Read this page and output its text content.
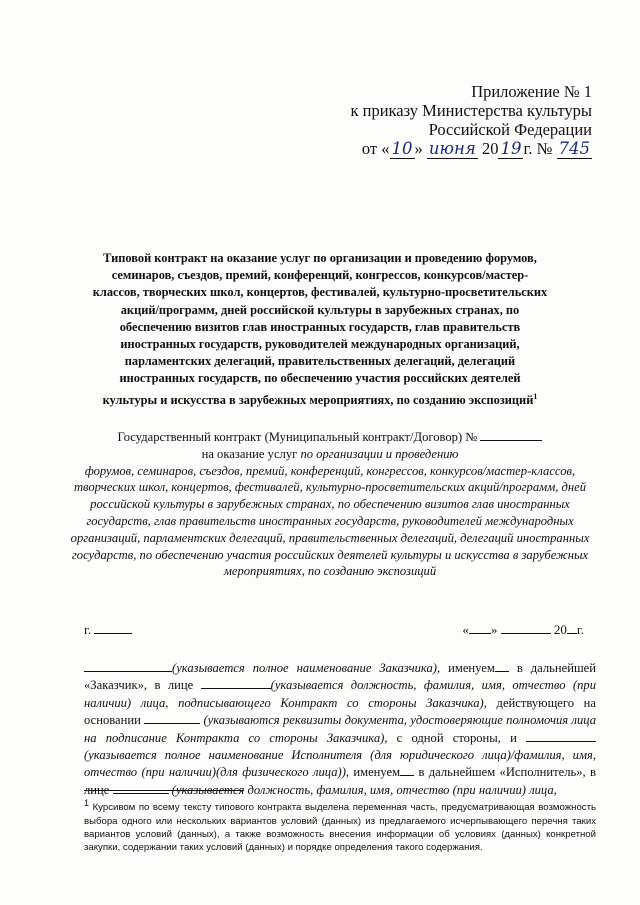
Приложение № 1
к приказу Министерства культуры
Российской Федерации
от « 10 » июня 20 19 г. № 745
Типовой контракт на оказание услуг по организации и проведению форумов, семинаров, съездов, премий, конференций, конгрессов, конкурсов/мастер-классов, творческих школ, концертов, фестивалей, культурно-просветительских акций/программ, дней российской культуры в зарубежных странах, по обеспечению визитов глав иностранных государств, глав правительств иностранных государств, руководителей международных организаций, парламентских делегаций, правительственных делегаций, делегаций иностранных государств, по обеспечению участия российских деятелей культуры и искусства в зарубежных мероприятиях, по созданию экспозиций$^1$
Государственный контракт (Муниципальный контракт/Договор) №
на оказание услуг по организации и проведению
форумов, семинаров, съездов, премий, конференций, конгрессов, конкурсов/мастер-классов, творческих школ, концертов, фестивалей, культурно-просветительских акций/программ, дней российской культуры в зарубежных странах, по обеспечению визитов глав иностранных государств, глав правительств иностранных государств, руководителей международных организаций, парламентских делегаций, правительственных делегаций, делегаций иностранных государств, по обеспечению участия российских деятелей культуры и искусства в зарубежных мероприятиях, по созданию экспозиций
г.	« »	20 г.
(указывается полное наименование Заказчика), именуем в дальнейшей «Заказчик», в лице	(указывается должность, фамилия, имя, отчество (при наличии) лица, подписывающего Контракт со стороны Заказчика), действующего на основании	(указываются реквизиты документа, удостоверяющие полномочия лица на подписание Контракта со стороны Заказчика), с одной стороны, и  (указывается полное наименование Исполнителя (для юридического лица)/фамилия, имя, отчество (при наличии)(для физического лица)), именуем в дальнейшем «Исполнитель», в лице	(указывается должность, фамилия, имя, отчество (при наличии) лица,
$^1$ Курсивом по всему тексту типового контракта выделена переменная часть, предусматривающая возможность выбора одного или нескольких вариантов условий (данных) из предлагаемого исчерпывающего перечня таких вариантов условий (данных), а также возможность внесения информации об условиях (данных) конкретной закупки, содержании таких условий (данных) и порядке определения такого содержания.
